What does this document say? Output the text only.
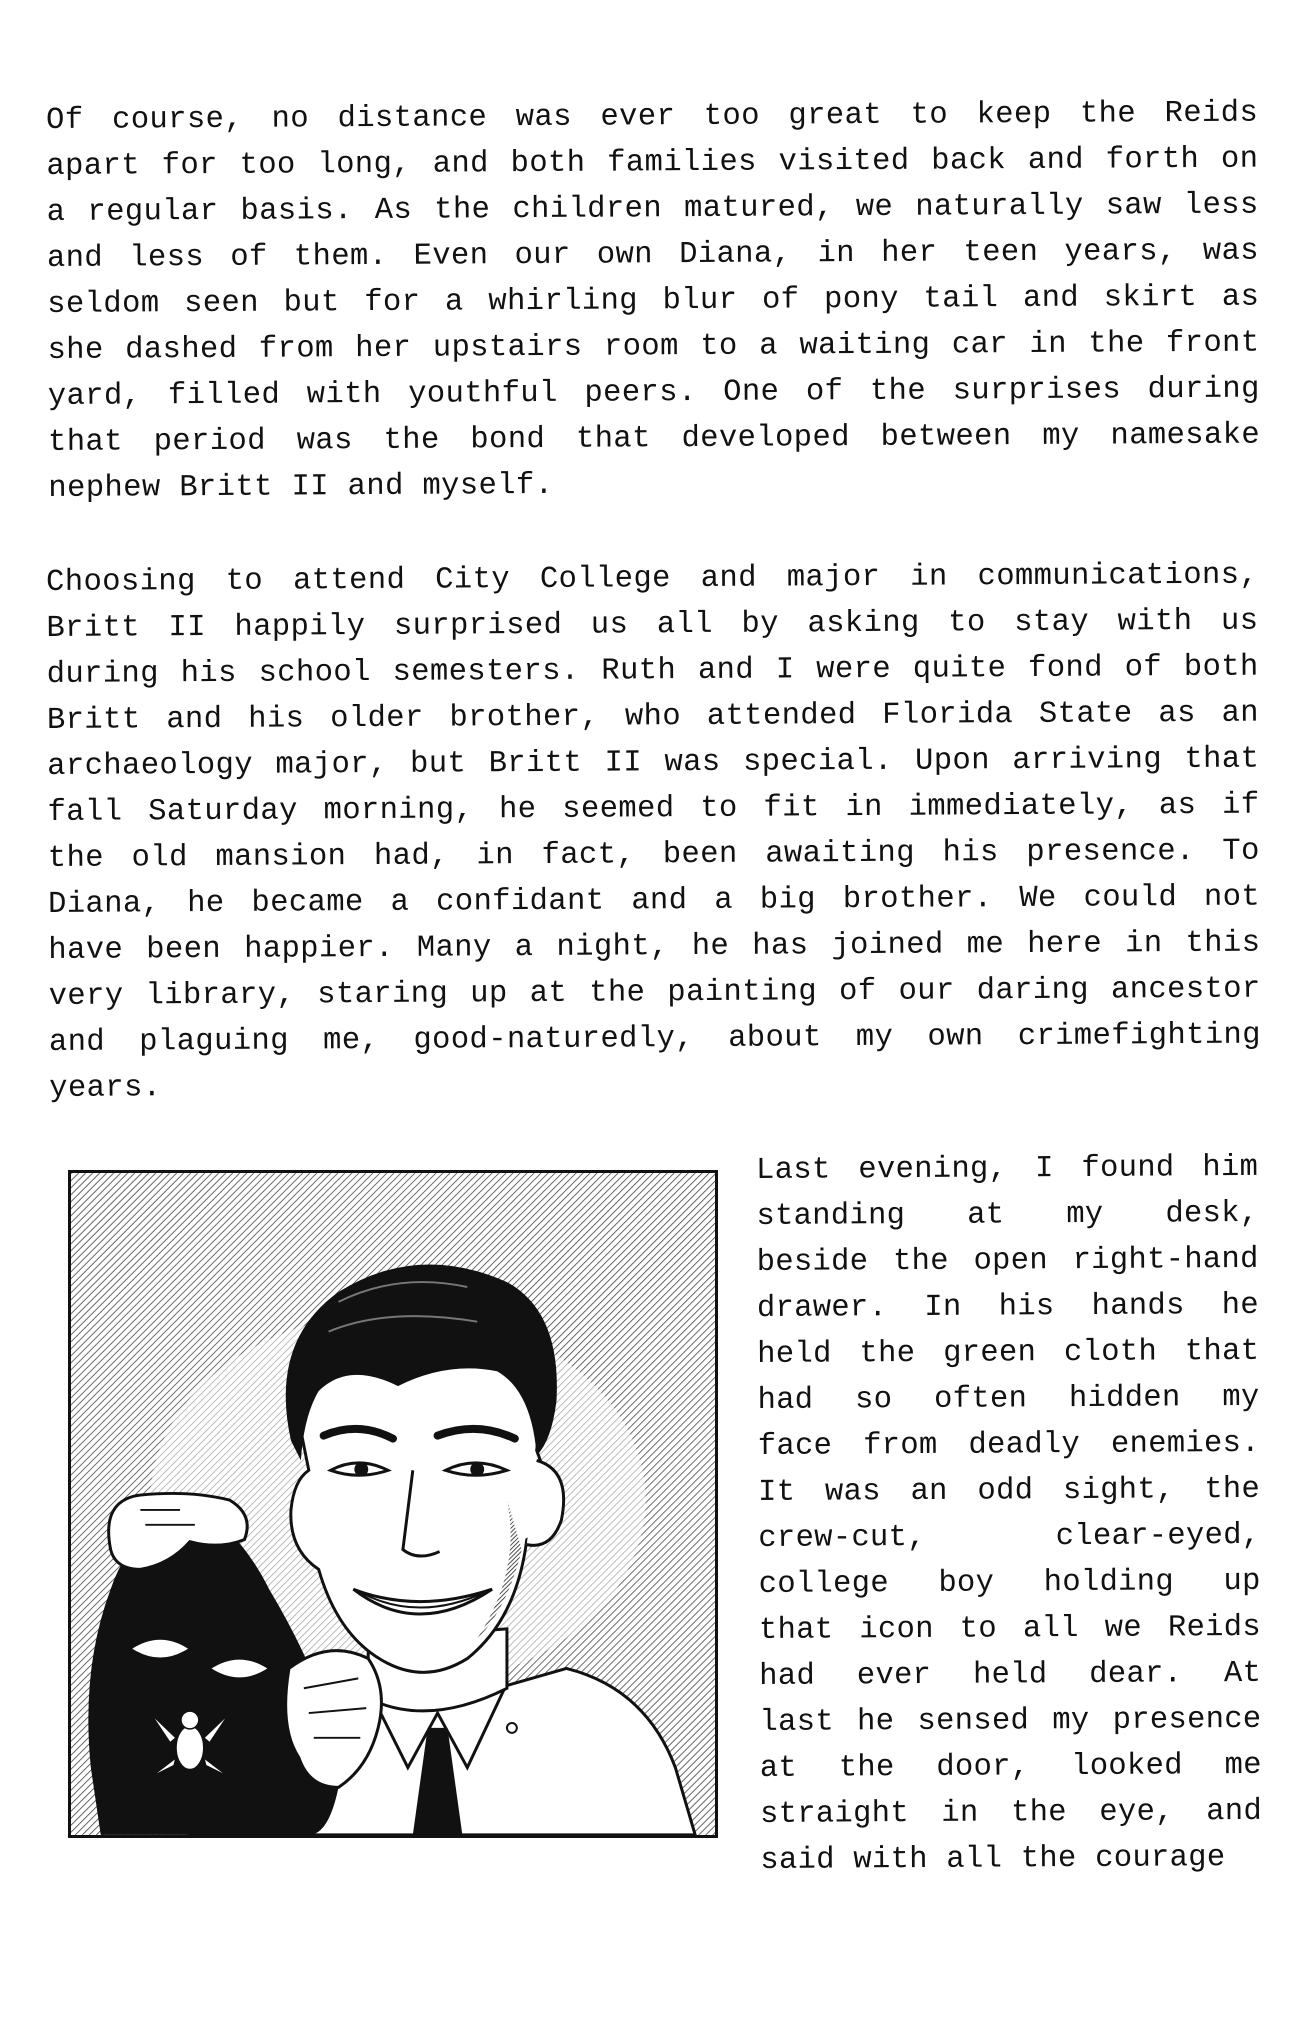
Of course, no distance was ever too great to keep the Reids apart for too long, and both families visited back and forth on a regular basis. As the children matured, we naturally saw less and less of them. Even our own Diana, in her teen years, was seldom seen but for a whirling blur of pony tail and skirt as she dashed from her upstairs room to a waiting car in the front yard, filled with youthful peers. One of the surprises during that period was the bond that developed between my namesake nephew Britt II and myself.

Choosing to attend City College and major in communications, Britt II happily surprised us all by asking to stay with us during his school semesters. Ruth and I were quite fond of both Britt and his older brother, who attended Florida State as an archaeology major, but Britt II was special. Upon arriving that fall Saturday morning, he seemed to fit in immediately, as if the old mansion had, in fact, been awaiting his presence. To Diana, he became a confidant and a big brother. We could not have been happier. Many a night, he has joined me here in this very library, staring up at the painting of our daring ancestor and plaguing me, good-naturedly, about my own crimefighting years.

Last evening, I found him standing at my desk, beside the open right-hand drawer. In his hands he held the green cloth that had so often hidden my face from deadly enemies. It was an odd sight, the crew-cut, clear-eyed, college boy holding up that icon to all we Reids had ever held dear. At last he sensed my presence at the door, looked me straight in the eye, and said with all the courage
